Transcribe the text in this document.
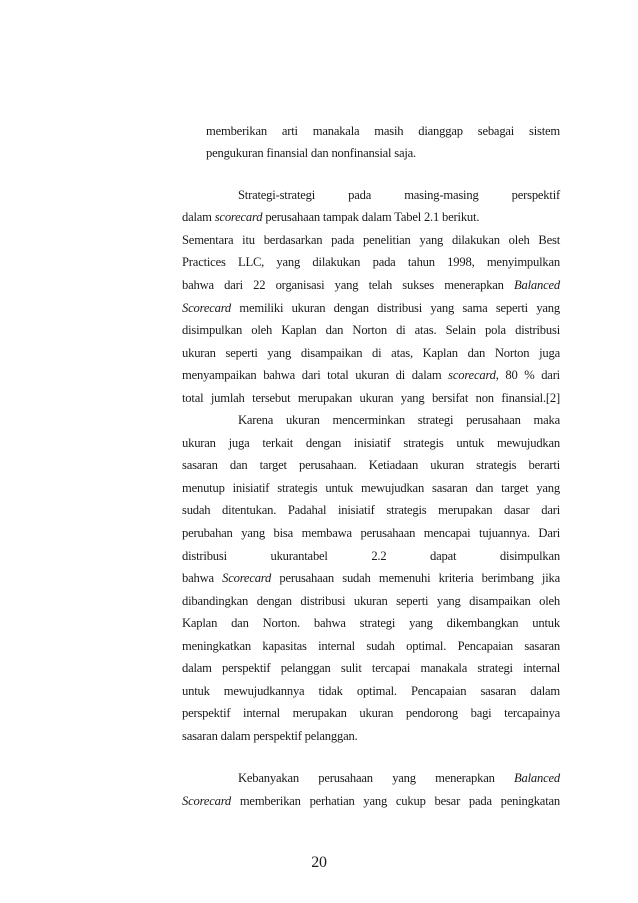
memberikan arti manakala masih dianggap sebagai sistem
pengukuran finansial dan nonfinansial saja.
Strategi-strategi pada masing-masing perspektif
dalam scorecard perusahaan tampak dalam Tabel 2.1 berikut.
Sementara itu berdasarkan pada penelitian yang dilakukan oleh Best
Practices LLC, yang dilakukan pada tahun 1998, menyimpulkan
bahwa dari 22 organisasi yang telah sukses menerapkan Balanced
Scorecard memiliki ukuran dengan distribusi yang sama seperti yang
disimpulkan oleh Kaplan dan Norton di atas. Selain pola distribusi
ukuran seperti yang disampaikan di atas, Kaplan dan Norton juga
menyampaikan bahwa dari total ukuran di dalam scorecard, 80 % dari
total jumlah tersebut merupakan ukuran yang bersifat non finansial.[2]
Karena ukuran mencerminkan strategi perusahaan maka
ukuran juga terkait dengan inisiatif strategis untuk mewujudkan
sasaran dan target perusahaan. Ketiadaan ukuran strategis berarti
menutup inisiatif strategis untuk mewujudkan sasaran dan target yang
sudah ditentukan. Padahal inisiatif strategis merupakan dasar dari
perubahan yang bisa membawa perusahaan mencapai tujuannya. Dari
distribusi ukurantabel 2.2 dapat disimpulkan
bahwa Scorecard perusahaan sudah memenuhi kriteria berimbang jika
dibandingkan dengan distribusi ukuran seperti yang disampaikan oleh
Kaplan dan Norton. bahwa strategi yang dikembangkan untuk
meningkatkan kapasitas internal sudah optimal. Pencapaian sasaran
dalam perspektif pelanggan sulit tercapai manakala strategi internal
untuk mewujudkannya tidak optimal. Pencapaian sasaran dalam
perspektif internal merupakan ukuran pendorong bagi tercapainya
sasaran dalam perspektif pelanggan.
Kebanyakan perusahaan yang menerapkan Balanced
Scorecard memberikan perhatian yang cukup besar pada peningkatan
20
